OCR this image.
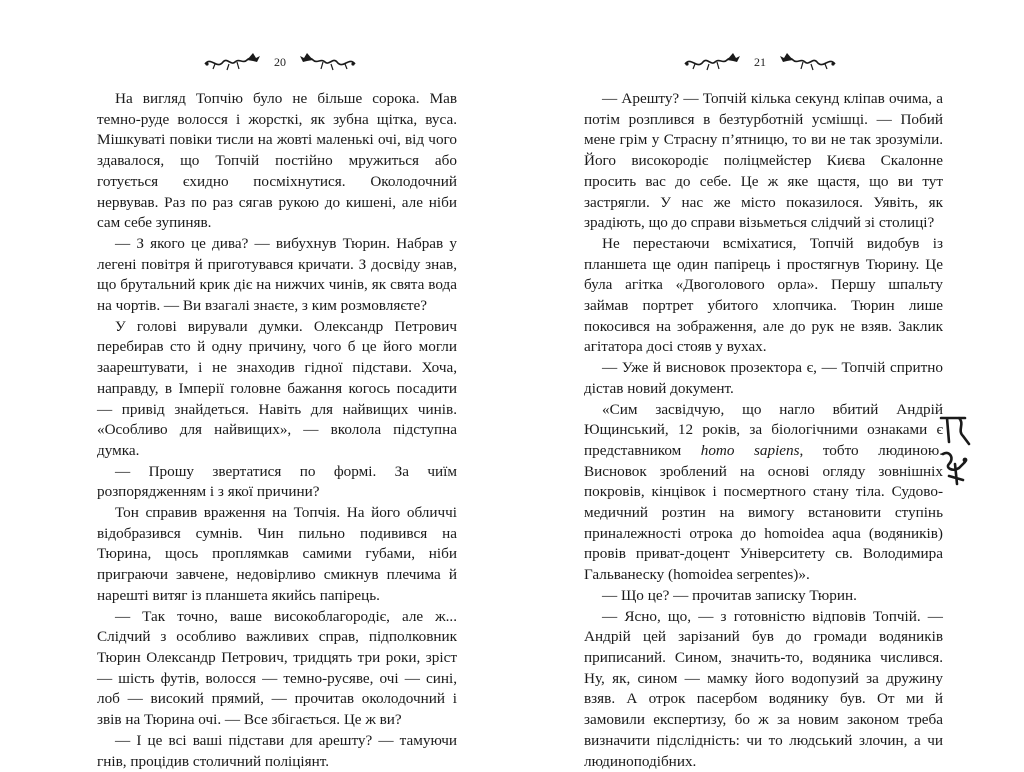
20

На вигляд Топчію було не більше сорока. Мав темно-руде волосся і жорсткі, як зубна щітка, вуса. Мішкуваті повіки тисли на жовті маленькі очі, від чого здавалося, що Топчій постійно мружиться або готується єхидно посміхнутися. Околодочний нервував. Раз по раз сягав рукою до кишені, але ніби сам себе зупиняв.

— З якого це дива? — вибухнув Тюрин. Набрав у легені повітря й приготувався кричати. З досвіду знав, що брутальний крик діє на нижчих чинів, як свята вода на чортів. — Ви взагалі знаєте, з ким розмовляєте?

У голові вирували думки. Олександр Петрович перебирав сто й одну причину, чого б це його могли заарештувати, і не знаходив гідної підстави. Хоча, направду, в Імперії головне бажання когось посадити — привід знайдеться. Навіть для найвищих чинів. «Особливо для найвищих», — вколола підступна думка.

— Прошу звертатися по формі. За чиїм розпорядженням і з якої причини?

Тон справив враження на Топчія. На його обличчі відобразився сумнів. Чин пильно подивився на Тюрина, щось проплямкав самими губами, ніби приграючи завчене, недовірливо смикнув плечима й нарешті витяг із планшета якийсь папірець.

— Так точно, ваше високоблагородіє, але ж... Слідчий з особливо важливих справ, підполковник Тюрин Олександр Петрович, тридцять три роки, зріст — шість футів, волосся — темно-русяве, очі — сині, лоб — високий прямий, — прочитав околодочний і звів на Тюрина очі. — Все збігається. Це ж ви?

— І це всі ваші підстави для арешту? — тамуючи гнів, процідив столичний поліціянт.

21

— Арешту? — Топчій кілька секунд кліпав очима, а потім розплився в безтурботній усмішці. — Побий мене грім у Страсну п’ятницю, то ви не так зрозуміли. Його високородіє поліцмейстер Києва Скалонне просить вас до себе. Це ж яке щастя, що ви тут застрягли. У нас же місто показилося. Уявіть, як зрадіють, що до справи візьметься слідчий зі столиці?

Не перестаючи всміхатися, Топчій видобув із планшета ще один папірець і простягнув Тюрину. Це була агітка «Двоголового орла». Першу шпальту займав портрет убитого хлопчика. Тюрин лише покосився на зображення, але до рук не взяв. Заклик агітатора досі стояв у вухах.

— Уже й висновок прозектора є, — Топчій спритно дістав новий документ.

«Сим засвідчую, що нагло вбитий Андрій Ющинський, 12 років, за біологічними ознаками є представником homo sapiens, тобто людиною. Висновок зроблений на основі огляду зовнішніх покровів, кінцівок і посмертного стану тіла. Судово-медичний розтин на вимогу встановити ступінь приналежності отрока до homoidea aqua (водяників) провів приват-доцент Університету св. Володимира Гальванеску (homoidea serpentes)».

— Що це? — прочитав записку Тюрин.

— Ясно, що, — з готовністю відповів Топчій. — Андрій цей зарізаний був до громади водяників приписаний. Сином, значить-то, водяника числився. Ну, як, сином — мамку його водопузий за дружину взяв. А отрок пасербом водянику був. От ми й замовили експертизу, бо ж за новим законом треба визначити підслідність: чи то людський злочин, а чи людиноподібних.
